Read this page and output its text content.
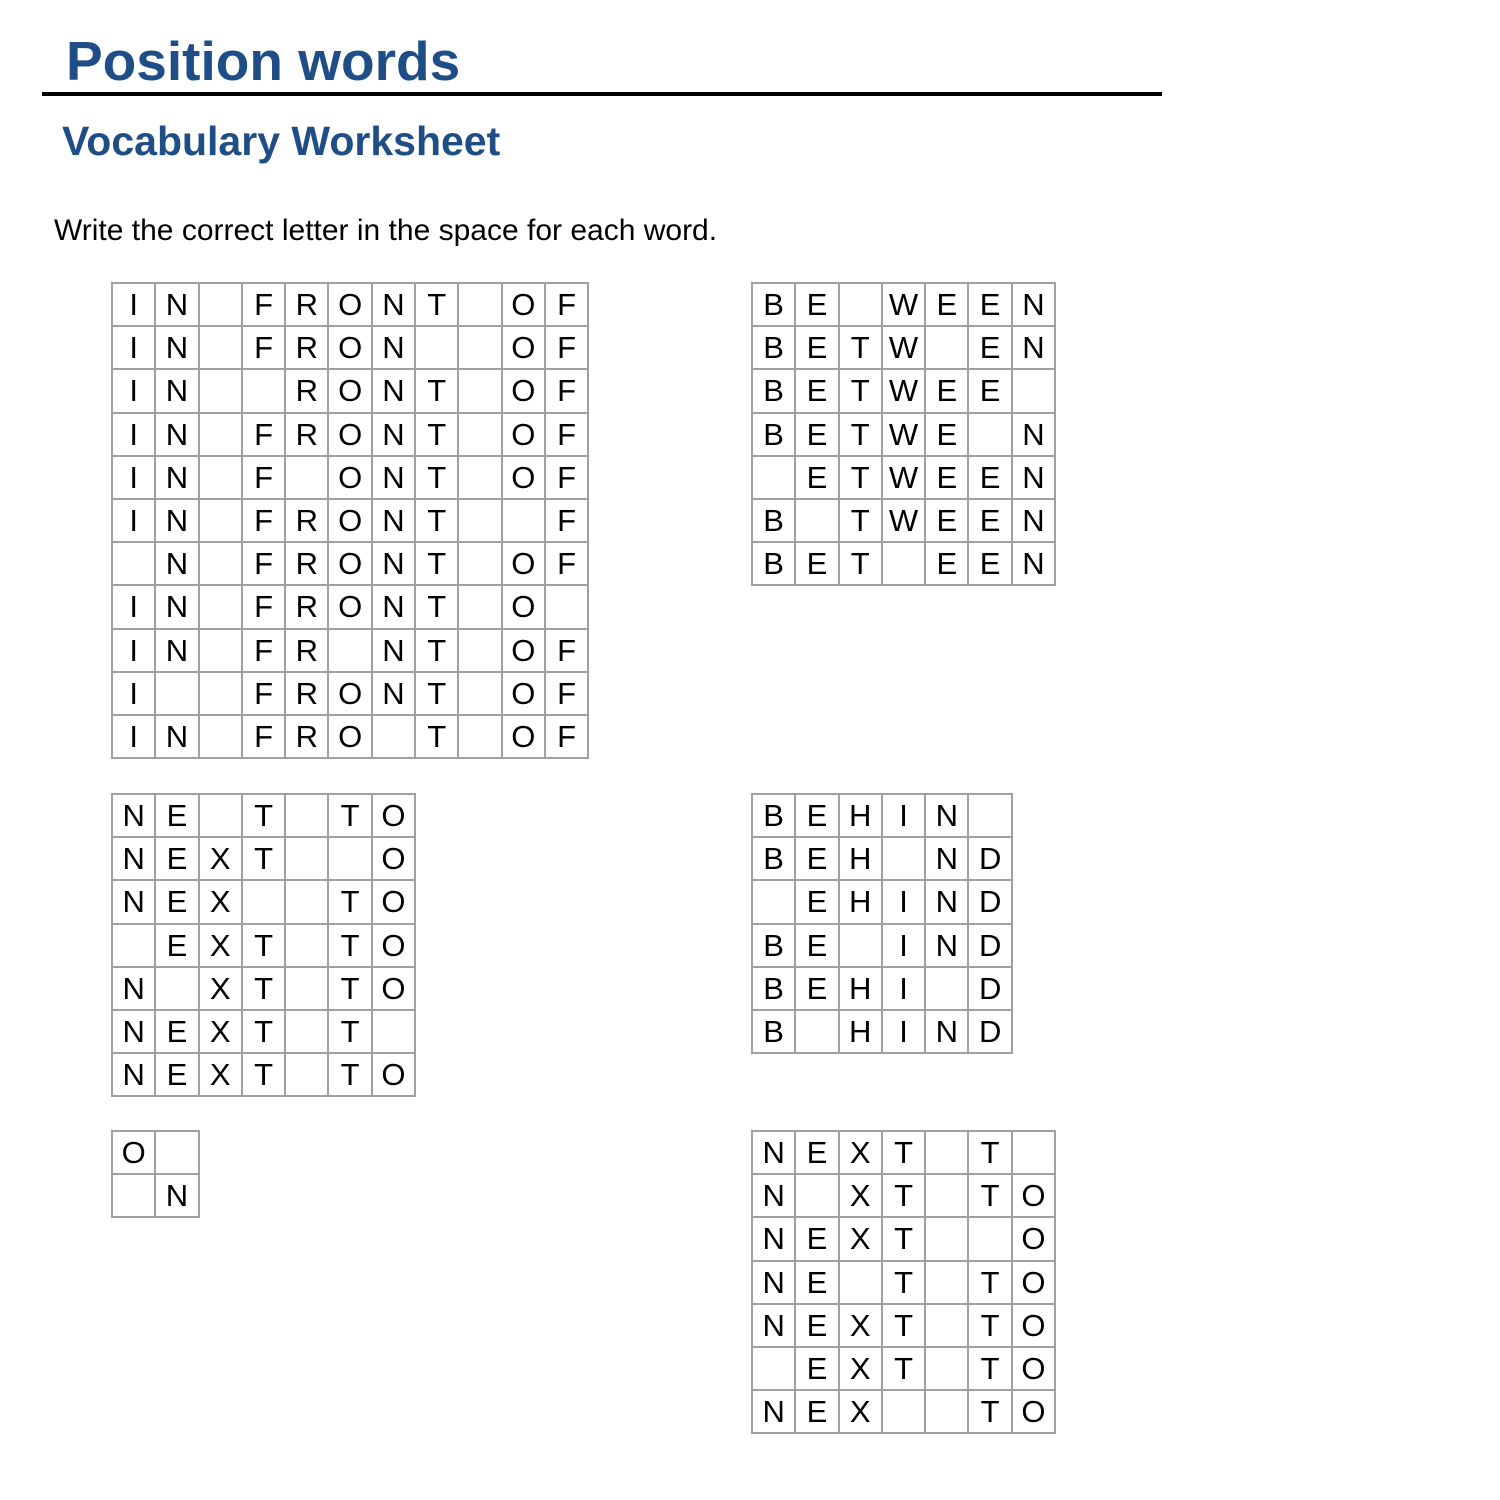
Position words
Vocabulary Worksheet

Write the correct letter in the space for each word.

I	N		F	R	O	N	T		O	F
I	N		F	R	O	N			O	F
I	N			R	O	N	T		O	F
I	N		F	R	O	N	T		O	F
I	N		F		O	N	T		O	F
I	N		F	R	O	N	T			F
	N		F	R	O	N	T		O	F
I	N		F	R	O	N	T		O	
I	N		F	R		N	T		O	F
I			F	R	O	N	T		O	F
I	N		F	R	O		T		O	F
B	E		W	E	E	N
B	E	T	W		E	N
B	E	T	W	E	E	
B	E	T	W	E		N
	E	T	W	E	E	N
B		T	W	E	E	N
B	E	T		E	E	N
N	E		T		T	O
N	E	X	T			O
N	E	X			T	O
	E	X	T		T	O
N		X	T		T	O
N	E	X	T		T	
N	E	X	T		T	O
B	E	H	I	N	
B	E	H		N	D
	E	H	I	N	D
B	E		I	N	D
B	E	H	I		D
B		H	I	N	D
O	
	N
N	E	X	T		T	
N		X	T		T	O
N	E	X	T			O
N	E		T		T	O
N	E	X	T		T	O
	E	X	T		T	O
N	E	X			T	O
